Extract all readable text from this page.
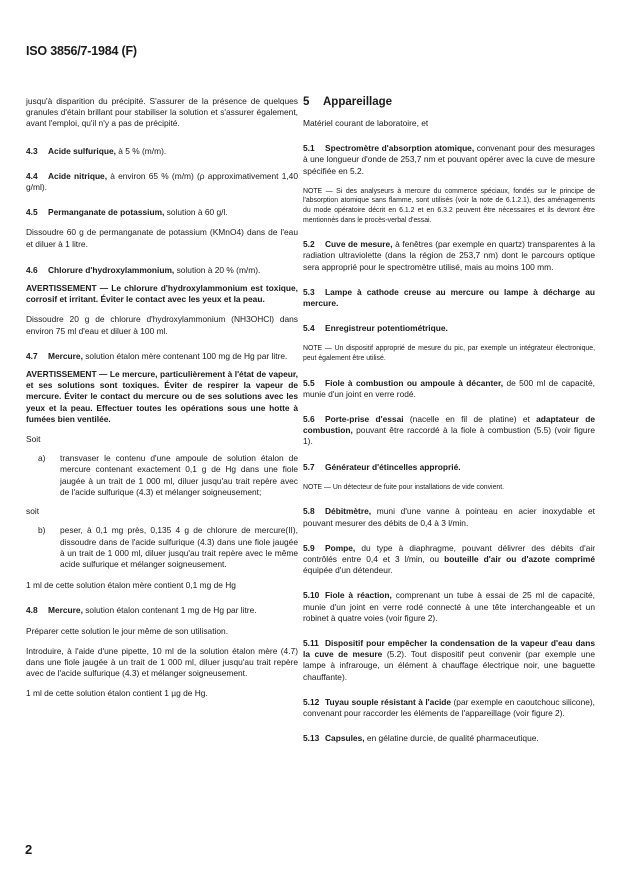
ISO 3856/7-1984 (F)
jusqu'à disparition du précipité. S'assurer de la présence de quelques granules d'étain brillant pour stabiliser la solution et s'assurer également, avant l'emploi, qu'il n'y a pas de précipité.
4.3 Acide sulfurique, à 5 % (m/m).
4.4 Acide nitrique, à environ 65 % (m/m) (ρ approximativement 1,40 g/ml).
4.5 Permanganate de potassium, solution à 60 g/l.
Dissoudre 60 g de permanganate de potassium (KMnO4) dans de l'eau et diluer à 1 litre.
4.6 Chlorure d'hydroxylammonium, solution à 20 % (m/m).
AVERTISSEMENT — Le chlorure d'hydroxylammonium est toxique, corrosif et irritant. Éviter le contact avec les yeux et la peau.
Dissoudre 20 g de chlorure d'hydroxylammonium (NH3OHCl) dans environ 75 ml d'eau et diluer à 100 ml.
4.7 Mercure, solution étalon mère contenant 100 mg de Hg par litre.
AVERTISSEMENT — Le mercure, particulièrement à l'état de vapeur, et ses solutions sont toxiques. Éviter de respirer la vapeur de mercure. Éviter le contact du mercure ou de ses solutions avec les yeux et la peau. Effectuer toutes les opérations sous une hotte à fumées bien ventilée.
Soit
a)	transvaser le contenu d'une ampoule de solution étalon de mercure contenant exactement 0,1 g de Hg dans une fiole jaugée à un trait de 1 000 ml, diluer jusqu'au trait repère avec de l'acide sulfurique (4.3) et mélanger soigneusement;
soit
b)	peser, à 0,1 mg près, 0,135 4 g de chlorure de mercure(II), dissoudre dans de l'acide sulfurique (4.3) dans une fiole jaugée à un trait de 1 000 ml, diluer jusqu'au trait repère avec le même acide sulfurique et mélanger soigneusement.
1 ml de cette solution étalon mère contient 0,1 mg de Hg
4.8 Mercure, solution étalon contenant 1 mg de Hg par litre.
Préparer cette solution le jour même de son utilisation.
Introduire, à l'aide d'une pipette, 10 ml de la solution étalon mère (4.7) dans une fiole jaugée à un trait de 1 000 ml, diluer jusqu'au trait repère avec de l'acide sulfurique (4.3) et mélanger soigneusement.
1 ml de cette solution étalon contient 1 µg de Hg.
5 Appareillage
Matériel courant de laboratoire, et
5.1 Spectromètre d'absorption atomique, convenant pour des mesurages à une longueur d'onde de 253,7 nm et pouvant opérer avec la cuve de mesure spécifiée en 5.2.
NOTE — Si des analyseurs à mercure du commerce spéciaux, fondés sur le principe de l'absorption atomique sans flamme, sont utilisés (voir la note de 6.1.2.1), des aménagements du mode opératoire décrit en 6.1.2 et en 6.3.2 peuvent être nécessaires et ils devront être mentionnés dans le procès-verbal d'essai.
5.2 Cuve de mesure, à fenêtres (par exemple en quartz) transparentes à la radiation ultraviolette (dans la région de 253,7 nm) dont le parcours optique sera approprié pour le spectromètre utilisé, mais au moins 100 mm.
5.3 Lampe à cathode creuse au mercure ou lampe à décharge au mercure.
5.4 Enregistreur potentiométrique.
NOTE — Un dispositif approprié de mesure du pic, par exemple un intégrateur électronique, peut également être utilisé.
5.5 Fiole à combustion ou ampoule à décanter, de 500 ml de capacité, munie d'un joint en verre rodé.
5.6 Porte-prise d'essai (nacelle en fil de platine) et adaptateur de combustion, pouvant être raccordé à la fiole à combustion (5.5) (voir figure 1).
5.7 Générateur d'étincelles approprié.
NOTE — Un détecteur de fuite pour installations de vide convient.
5.8 Débitmètre, muni d'une vanne à pointeau en acier inoxydable et pouvant mesurer des débits de 0,4 à 3 l/min.
5.9 Pompe, du type à diaphragme, pouvant délivrer des débits d'air contrôlés entre 0,4 et 3 l/min, ou bouteille d'air ou d'azote comprimé équipée d'un détendeur.
5.10 Fiole à réaction, comprenant un tube à essai de 25 ml de capacité, munie d'un joint en verre rodé connecté à une tête interchangeable et un robinet à quatre voies (voir figure 2).
5.11 Dispositif pour empêcher la condensation de la vapeur d'eau dans la cuve de mesure (5.2). Tout dispositif peut convenir (par exemple une lampe à infrarouge, un élément à chauffage électrique noir, une baguette chauffante).
5.12 Tuyau souple résistant à l'acide (par exemple en caoutchouc silicone), convenant pour raccorder les éléments de l'appareillage (voir figure 2).
5.13 Capsules, en gélatine durcie, de qualité pharmaceutique.
2
